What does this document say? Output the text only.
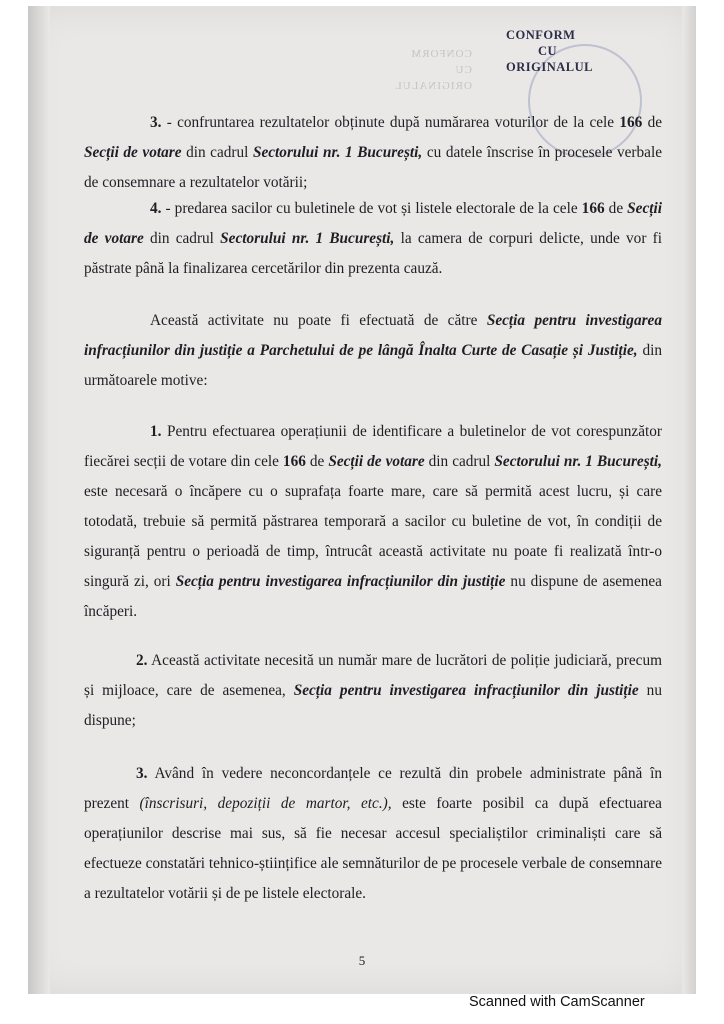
CONFORM
CU
ORIGINALUL
CONFORM
CU
ORIGINALUL

3. - confruntarea rezultatelor obținute după numărarea voturilor de la cele 166 de Secții de votare din cadrul Sectorului nr. 1 București, cu datele înscrise în procesele verbale de consemnare a rezultatelor votării;

4. - predarea sacilor cu buletinele de vot și listele electorale de la cele 166 de Secții de votare din cadrul Sectorului nr. 1 București, la camera de corpuri delicte, unde vor fi păstrate până la finalizarea cercetărilor din prezenta cauză.

Această activitate nu poate fi efectuată de către Secția pentru investigarea infracțiunilor din justiție a Parchetului de pe lângă Înalta Curte de Casație și Justiție, din următoarele motive:

1. Pentru efectuarea operațiunii de identificare a buletinelor de vot corespunzător fiecărei secții de votare din cele 166 de Secții de votare din cadrul Sectorului nr. 1 București, este necesară o încăpere cu o suprafața foarte mare, care să permită acest lucru, și care totodată, trebuie să permită păstrarea temporară a sacilor cu buletine de vot, în condiții de siguranță pentru o perioadă de timp, întrucât această activitate nu poate fi realizată într-o singură zi, ori Secția pentru investigarea infracțiunilor din justiție nu dispune de asemenea încăperi.

2. Această activitate necesită un număr mare de lucrători de poliție judiciară, precum și mijloace, care de asemenea, Secția pentru investigarea infracțiunilor din justiție nu dispune;

3. Având în vedere neconcordanțele ce rezultă din probele administrate până în prezent (înscrisuri, depoziții de martor, etc.), este foarte posibil ca după efectuarea operațiunilor descrise mai sus, să fie necesar accesul specialiștilor criminaliști care să efectueze constatări tehnico-științifice ale semnăturilor de pe procesele verbale de consemnare a rezultatelor votării și de pe listele electorale.

5
Scanned with CamScanner
